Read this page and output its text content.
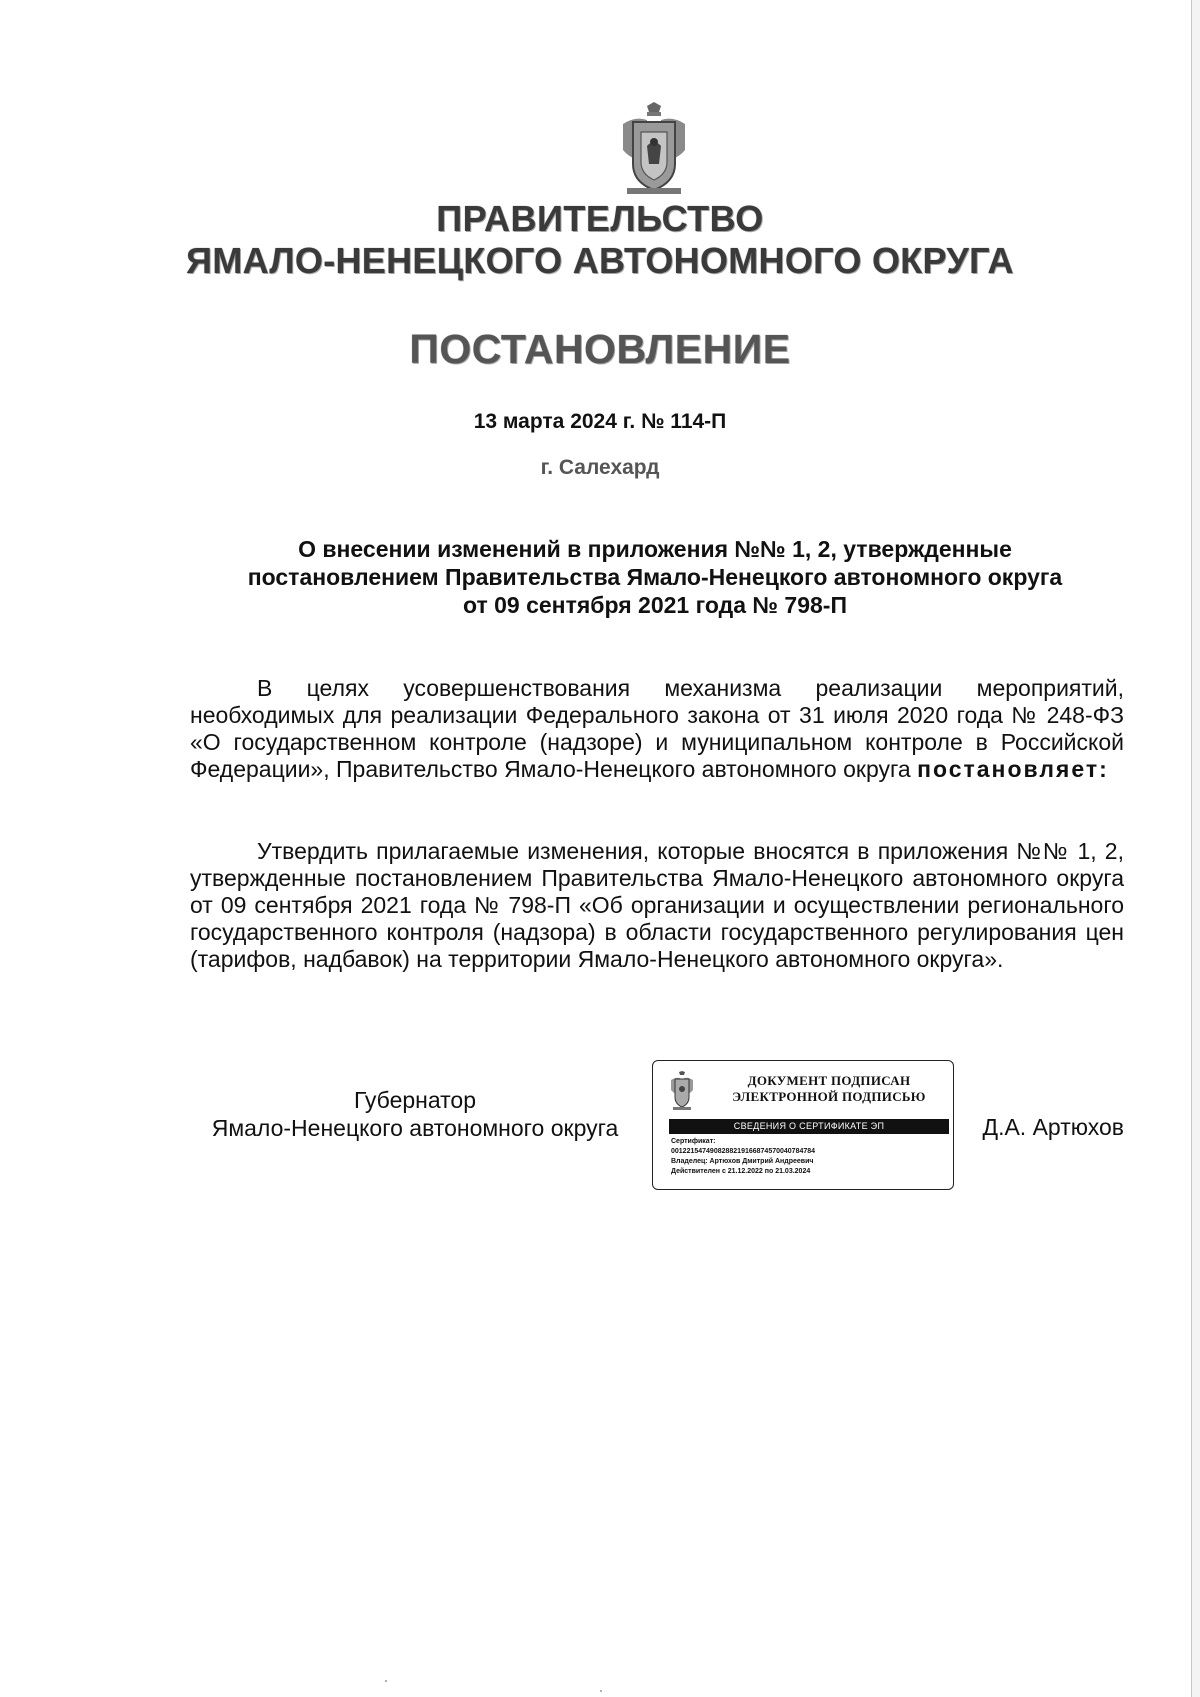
ПРАВИТЕЛЬСТВО
ЯМАЛО-НЕНЕЦКОГО АВТОНОМНОГО ОКРУГА
ПОСТАНОВЛЕНИЕ
13 марта 2024 г. № 114-П
г. Салехард
О внесении изменений в приложения №№ 1, 2, утвержденные
постановлением Правительства Ямало-Ненецкого автономного округа
от 09 сентября 2021 года № 798-П
В целях усовершенствования механизма реализации мероприятий, необходимых для реализации Федерального закона от 31 июля 2020 года № 248-ФЗ «О государственном контроле (надзоре) и муниципальном контроле в Российской Федерации», Правительство Ямало-Ненецкого автономного округа постановляет:
Утвердить прилагаемые изменения, которые вносятся в приложения №№ 1, 2, утвержденные постановлением Правительства Ямало-Ненецкого автономного округа от 09 сентября 2021 года № 798-П «Об организации и осуществлении регионального государственного контроля (надзора) в области государственного регулирования цен (тарифов, надбавок) на территории Ямало-Ненецкого автономного округа».
Губернатор
Ямало-Ненецкого автономного округа
ДОКУМЕНТ ПОДПИСАН
ЭЛЕКТРОННОЙ ПОДПИСЬЮ
СВЕДЕНИЯ О СЕРТИФИКАТЕ ЭП
Сертификат:
0012215474908288219166874570040784784
Владелец: Артюхов Дмитрий Андреевич
Действителен с 21.12.2022 по 21.03.2024
Д.А. Артюхов
